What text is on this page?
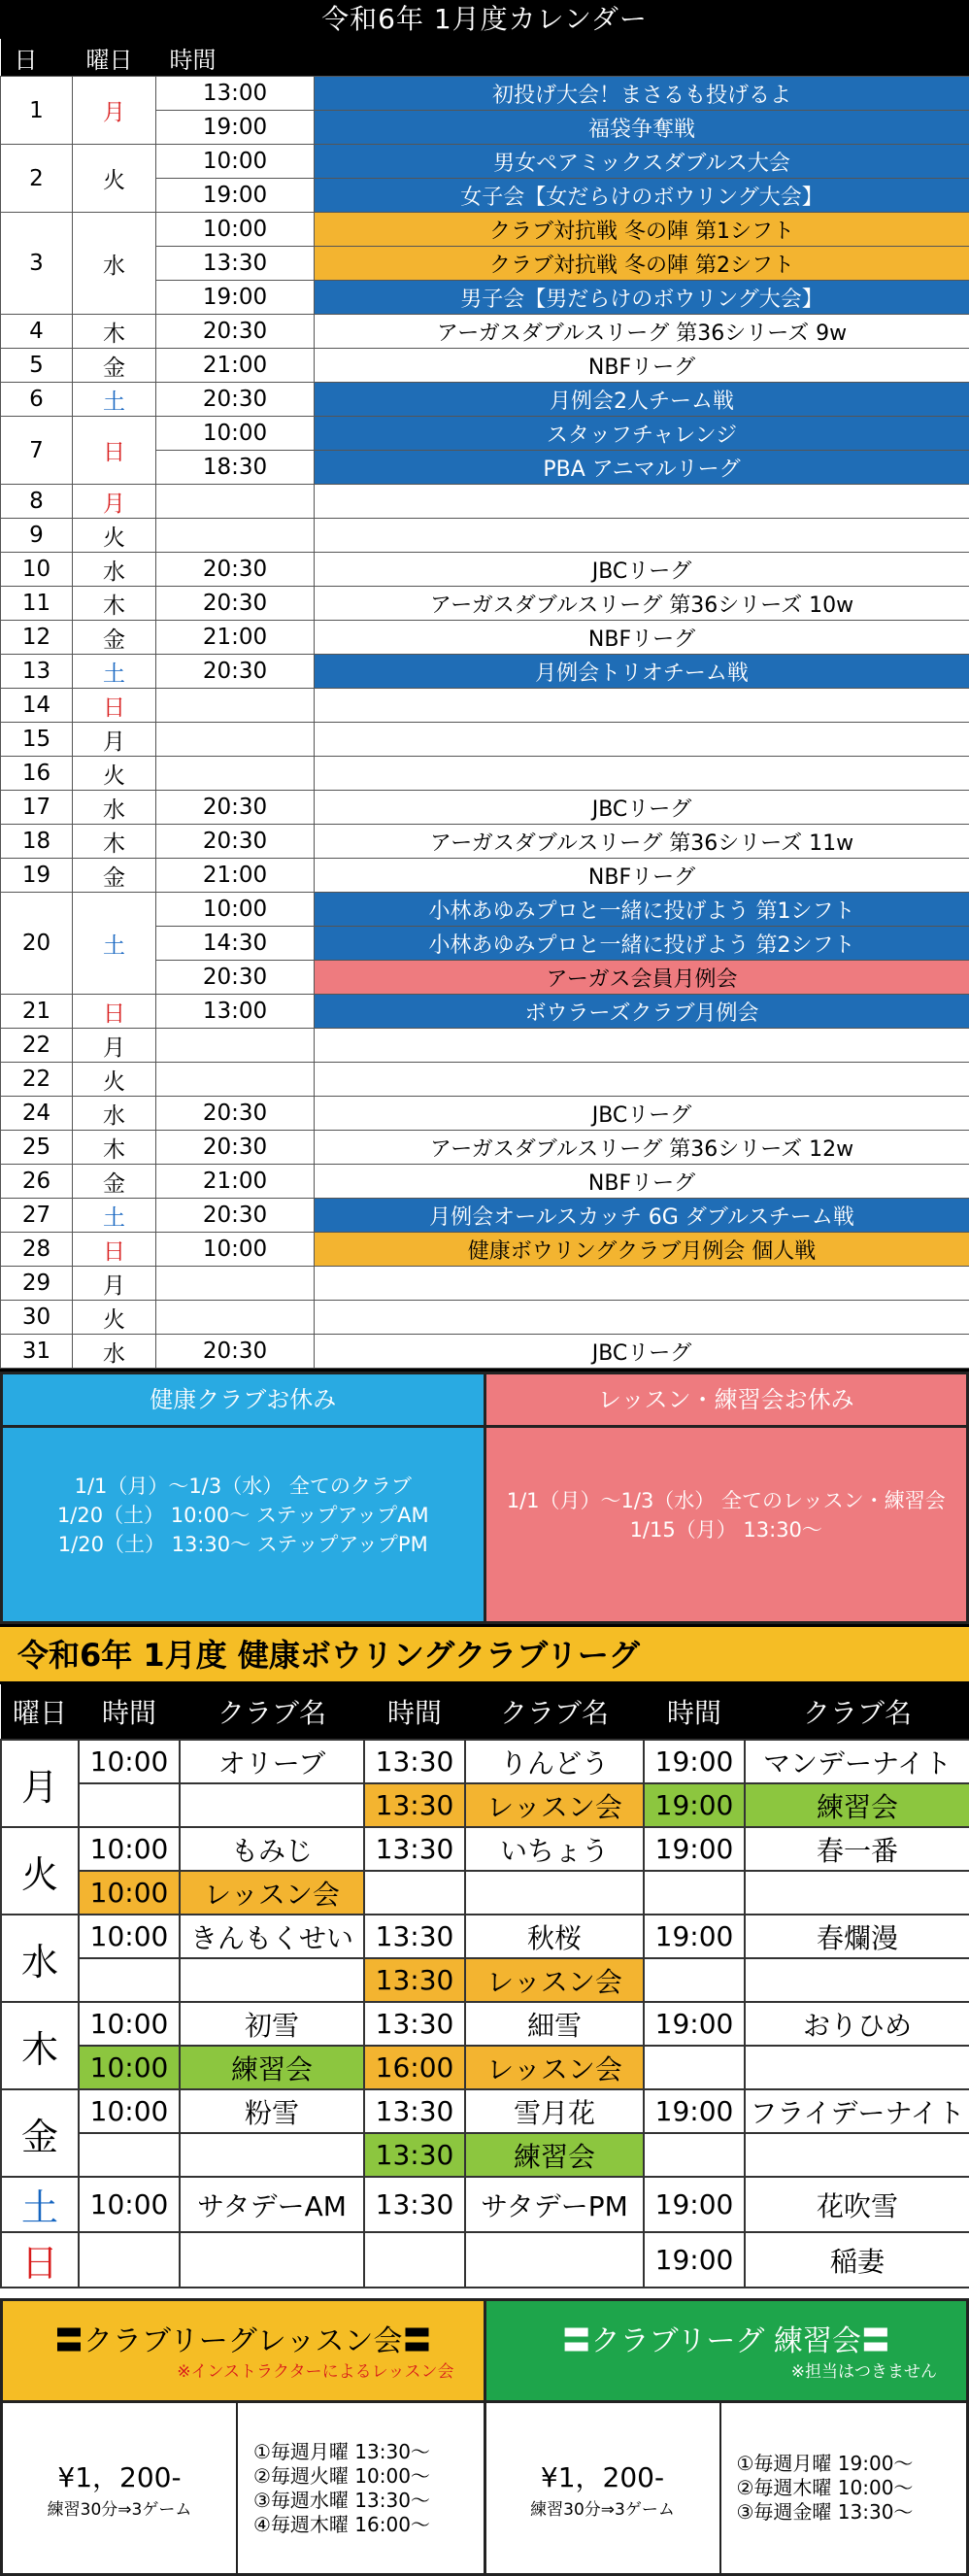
令和6年 1月度カレンダー
日	曜日	時間	
1	月	13:00	初投げ大会！まさるも投げるよ
		19:00	福袋争奪戦
2	火	10:00	男女ペアミックスダブルス大会
		19:00	女子会【女だらけのボウリング大会】
3	水	10:00	クラブ対抗戦 冬の陣 第1シフト
		13:30	クラブ対抗戦 冬の陣 第2シフト
		19:00	男子会【男だらけのボウリング大会】
4	木	20:30	アーガスダブルスリーグ 第36シリーズ 9w
5	金	21:00	NBFリーグ
6	土	20:30	月例会2人チーム戦
7	日	10:00	スタッフチャレンジ
		18:30	PBA アニマルリーグ
8	月		
9	火		
10	水	20:30	JBCリーグ
11	木	20:30	アーガスダブルスリーグ 第36シリーズ 10w
12	金	21:00	NBFリーグ
13	土	20:30	月例会トリオチーム戦
14	日		
15	月		
16	火		
17	水	20:30	JBCリーグ
18	木	20:30	アーガスダブルスリーグ 第36シリーズ 11w
19	金	21:00	NBFリーグ
20	土	10:00	小林あゆみプロと一緒に投げよう 第1シフト
		14:30	小林あゆみプロと一緒に投げよう 第2シフト
		20:30	アーガス会員月例会
21	日	13:00	ボウラーズクラブ月例会
22	月		
22	火		
24	水	20:30	JBCリーグ
25	木	20:30	アーガスダブルスリーグ 第36シリーズ 12w
26	金	21:00	NBFリーグ
27	土	20:30	月例会オールスカッチ 6G ダブルスチーム戦
28	日	10:00	健康ボウリングクラブ月例会 個人戦
29	月		
30	火		
31	水	20:30	JBCリーグ
健康クラブお休み
1/1（月）～1/3（水） 全てのクラブ
1/20（土） 10:00～ ステップアップAM
1/20（土） 13:30～ ステップアップPM
レッスン・練習会お休み
1/1（月）～1/3（水） 全てのレッスン・練習会
1/15（月） 13:30～
令和6年 1月度 健康ボウリングクラブリーグ
曜日	時間	クラブ名	時間	クラブ名	時間	クラブ名
月	10:00	オリーブ	13:30	りんどう	19:00	マンデーナイト
			13:30	レッスン会	19:00	練習会
火	10:00	もみじ	13:30	いちょう	19:00	春一番
	10:00	レッスン会				
水	10:00	きんもくせい	13:30	秋桜	19:00	春爛漫
			13:30	レッスン会		
木	10:00	初雪	13:30	細雪	19:00	おりひめ
	10:00	練習会	16:00	レッスン会		
金	10:00	粉雪	13:30	雪月花	19:00	フライデーナイト
			13:30	練習会		
土	10:00	サタデーAM	13:30	サタデーPM	19:00	花吹雪
日					19:00	稲妻
〓クラブリーグレッスン会〓
※インストラクターによるレッスン会
¥1，200-
練習30分⇒3ゲーム
①毎週月曜 13:30～
②毎週火曜 10:00～
③毎週水曜 13:30～
④毎週木曜 16:00～
〓クラブリーグ 練習会〓
※担当はつきません
¥1，200-
練習30分⇒3ゲーム
①毎週月曜 19:00～
②毎週木曜 10:00～
③毎週金曜 13:30～
